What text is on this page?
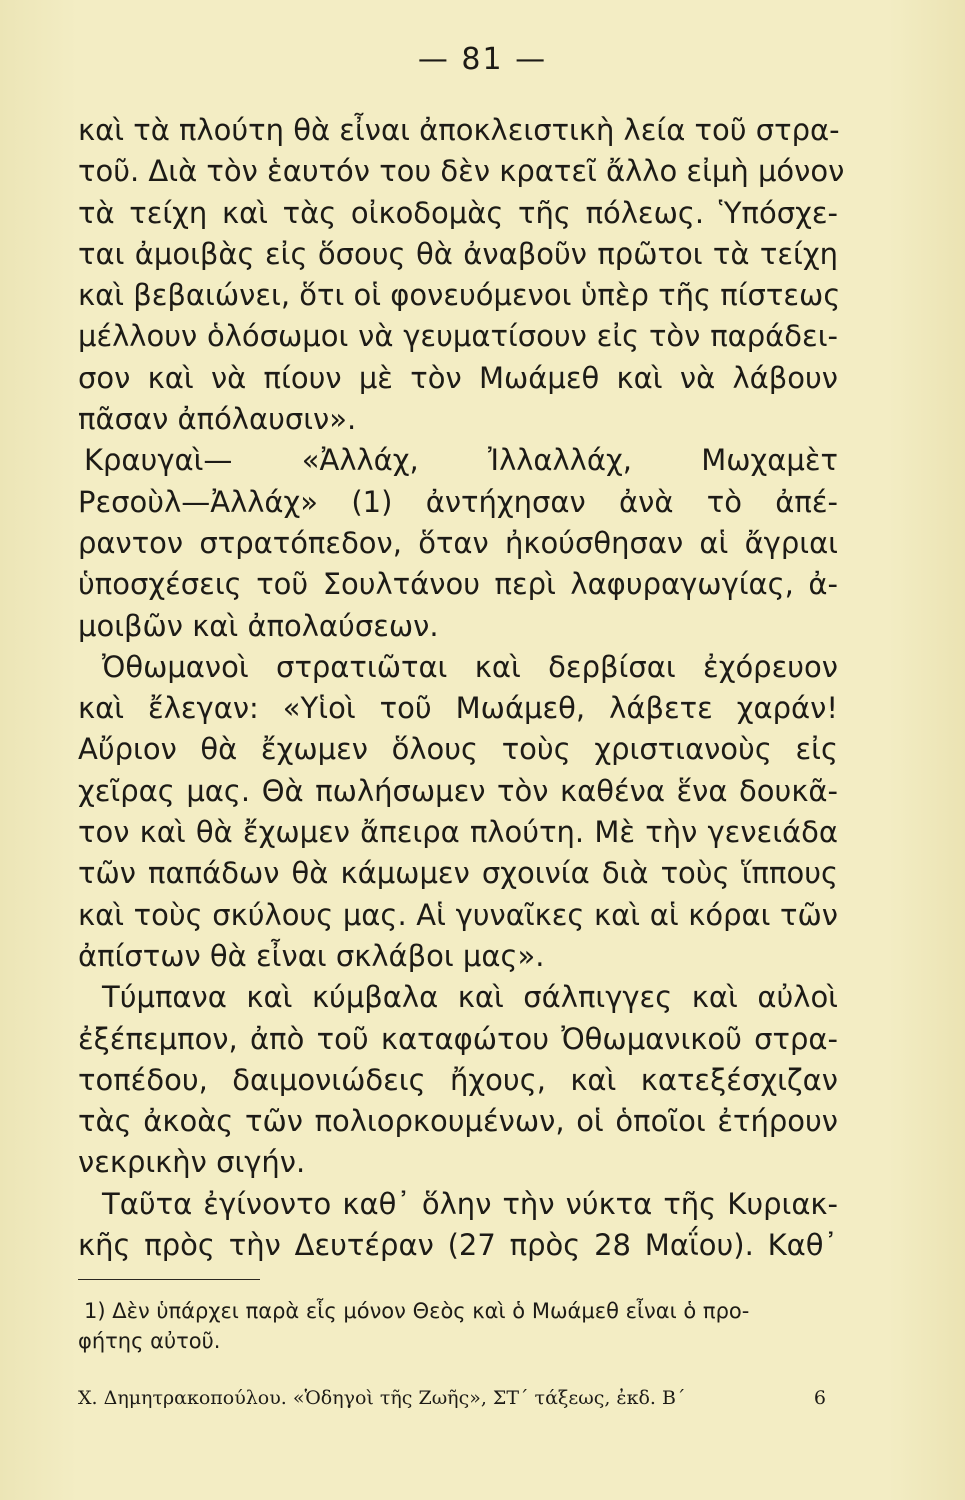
— 81 —
καὶ τὰ πλούτη θὰ εἶναι ἀποκλειστικὴ λεία τοῦ στρα-
τοῦ. Διὰ τὸν ἑαυτόν του δὲν κρατεῖ ἄλλο εἰμὴ μόνον
τὰ τείχη καὶ τὰς οἰκοδομὰς τῆς πόλεως. Ὑπόσχε-
ται ἀμοιβὰς εἰς ὅσους θὰ ἀναβοῦν πρῶτοι τὰ τείχη
καὶ βεβαιώνει, ὅτι οἱ φονευόμενοι ὑπὲρ τῆς πίστεως
μέλλουν ὁλόσωμοι νὰ γευματίσουν εἰς τὸν παράδει-
σον καὶ νὰ πίουν μὲ τὸν Μωάμεθ καὶ νὰ λάβουν
πᾶσαν ἀπόλαυσιν».
Κραυγαὶ— «Ἀλλάχ, Ἰλλαλλάχ, Μωχαμὲτ
Ρεσοὺλ—Ἀλλάχ» (1) ἀντήχησαν ἀνὰ τὸ ἀπέ-
ραντον στρατόπεδον, ὅταν ἠκούσθησαν αἱ ἄγριαι
ὑποσχέσεις τοῦ Σουλτάνου περὶ λαφυραγωγίας, ἀ-
μοιβῶν καὶ ἀπολαύσεων.
Ὀθωμανοὶ στρατιῶται καὶ δερβίσαι ἐχόρευον
καὶ ἔλεγαν: «Υἱοὶ τοῦ Μωάμεθ, λάβετε χαράν!
Αὔριον θὰ ἔχωμεν ὅλους τοὺς χριστιανοὺς εἰς
χεῖρας μας. Θὰ πωλήσωμεν τὸν καθένα ἕνα δουκᾶ-
τον καὶ θὰ ἔχωμεν ἄπειρα πλούτη. Μὲ τὴν γενειάδα
τῶν παπάδων θὰ κάμωμεν σχοινία διὰ τοὺς ἵππους
καὶ τοὺς σκύλους μας. Αἱ γυναῖκες καὶ αἱ κόραι τῶν
ἀπίστων θὰ εἶναι σκλάβοι μας».
Τύμπανα καὶ κύμβαλα καὶ σάλπιγγες καὶ αὐλοὶ
ἐξέπεμπον, ἀπὸ τοῦ καταφώτου Ὀθωμανικοῦ στρα-
τοπέδου, δαιμονιώδεις ἤχους, καὶ κατεξέσχιζαν
τὰς ἀκοὰς τῶν πολιορκουμένων, οἱ ὁποῖοι ἐτήρουν
νεκρικὴν σιγήν.
Ταῦτα ἐγίνοντο καθ᾽ ὅλην τὴν νύκτα τῆς Κυριακ-
κῆς πρὸς τὴν Δευτέραν (27 πρὸς 28 Μαΐου). Καθ᾽
1) Δὲν ὑπάρχει παρὰ εἷς μόνον Θεὸς καὶ ὁ Μωάμεθ εἶναι ὁ προ-
φήτης αὐτοῦ.
Χ. Δημητρακοπούλου. «Ὁδηγοὶ τῆς Ζωῆς», ΣΤ΄ τάξεως, ἐκδ. Β΄	6
